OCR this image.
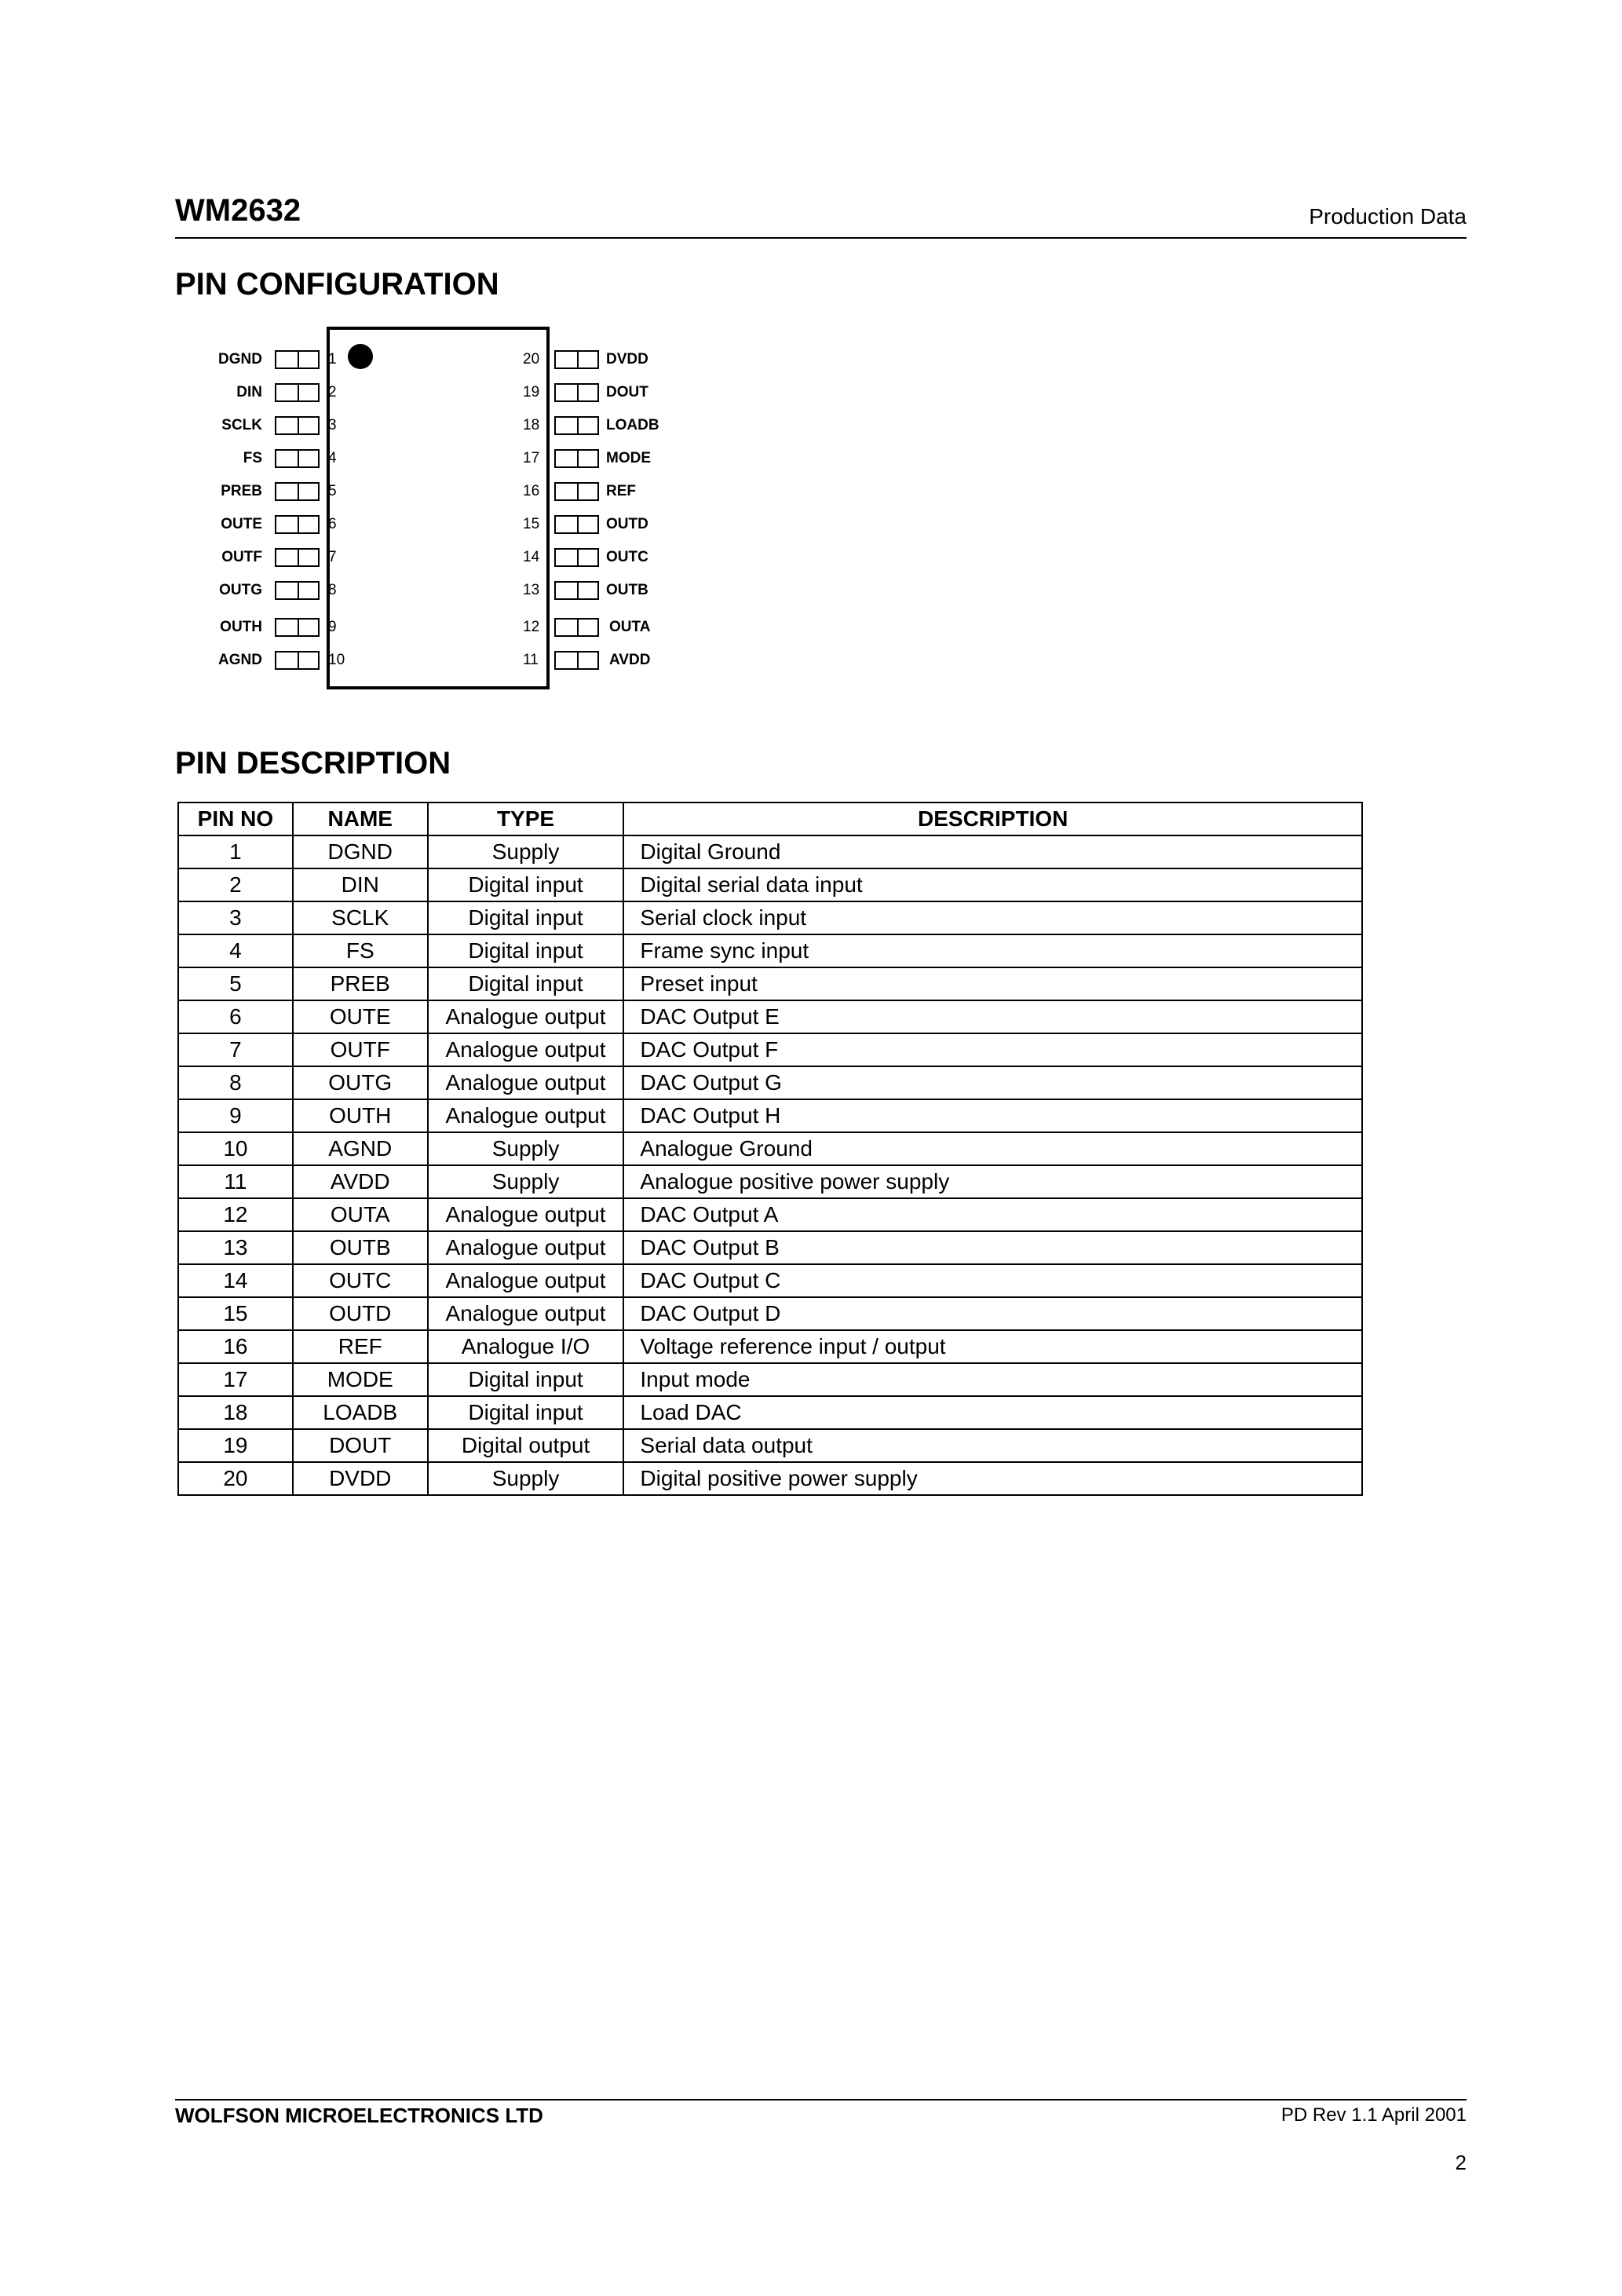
WM2632	Production Data
PIN CONFIGURATION
DGND	1	DVDD
20
DIN	2	DOUT
19
SCLK	3	LOADB
18
FS	4	MODE
17
PREB	5	REF
16
OUTE	6	OUTD
15
OUTF	7	OUTC
14
OUTG	8	OUTB
13
OUTH	9	OUTA
12
AGND	10	AVDD
11
PIN DESCRIPTION
PIN NO	NAME	TYPE	DESCRIPTION
1	DGND	Supply	Digital Ground
2	DIN	Digital input	Digital serial data input
3	SCLK	Digital input	Serial clock input
4	FS	Digital input	Frame sync input
5	PREB	Digital input	Preset input
6	OUTE	Analogue output	DAC Output E
7	OUTF	Analogue output	DAC Output F
8	OUTG	Analogue output	DAC Output G
9	OUTH	Analogue output	DAC Output H
10	AGND	Supply	Analogue Ground
11	AVDD	Supply	Analogue positive power supply
12	OUTA	Analogue output	DAC Output A
13	OUTB	Analogue output	DAC Output B
14	OUTC	Analogue output	DAC Output C
15	OUTD	Analogue output	DAC Output D
16	REF	Analogue I/O	Voltage reference input / output
17	MODE	Digital input	Input mode
18	LOADB	Digital input	Load DAC
19	DOUT	Digital output	Serial data output
20	DVDD	Supply	Digital positive power supply
WOLFSON MICROELECTRONICS LTD	PD Rev 1.1 April 2001
2
